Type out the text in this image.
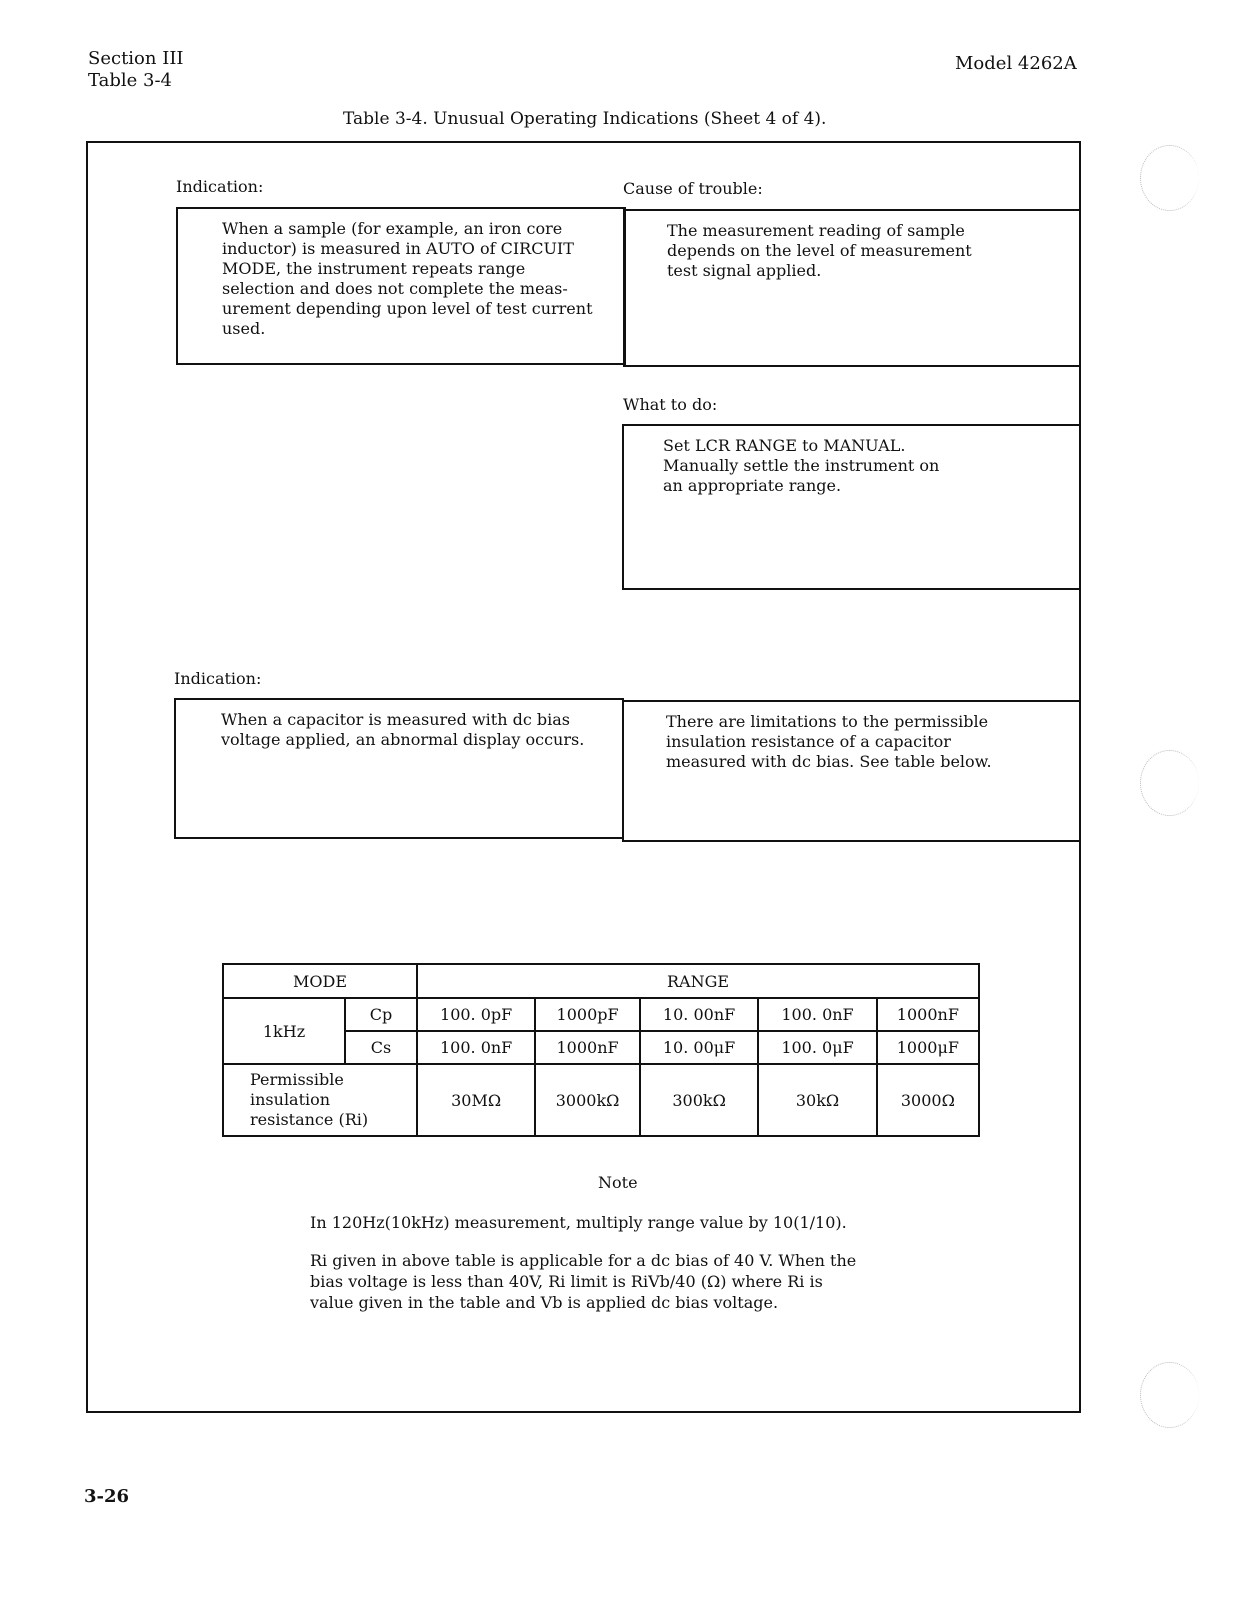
Section III
Table 3-4
Model 4262A
Table 3-4. Unusual Operating Indications (Sheet 4 of 4).
Indication:	Cause of trouble:
When a sample (for example, an iron core
inductor) is measured in AUTO of CIRCUIT
MODE, the instrument repeats range
selection and does not complete the meas-
urement depending upon level of test current
used.
The measurement reading of sample
depends on the level of measurement
test signal applied.
What to do:
Set LCR RANGE to MANUAL.
Manually settle the instrument on
an appropriate range.
Indication:
When a capacitor is measured with dc bias
voltage applied, an abnormal display occurs.
There are limitations to the permissible
insulation resistance of a capacitor
measured with dc bias. See table below.
MODE		RANGE				
1kHz	Cp	100. 0pF	1000pF	10. 00nF	100. 0nF	1000nF
	Cs	100. 0nF	1000nF	10. 00μF	100. 0μF	1000μF
Permissible
insulation
resistance (Ri)		30MΩ	3000kΩ	300kΩ	30kΩ	3000Ω
Note
In 120Hz(10kHz) measurement, multiply range value by 10(1/10).
Ri given in above table is applicable for a dc bias of 40 V. When the
bias voltage is less than 40V, Ri limit is RiVb/40 (Ω) where Ri is
value given in the table and Vb is applied dc bias voltage.
3-26
